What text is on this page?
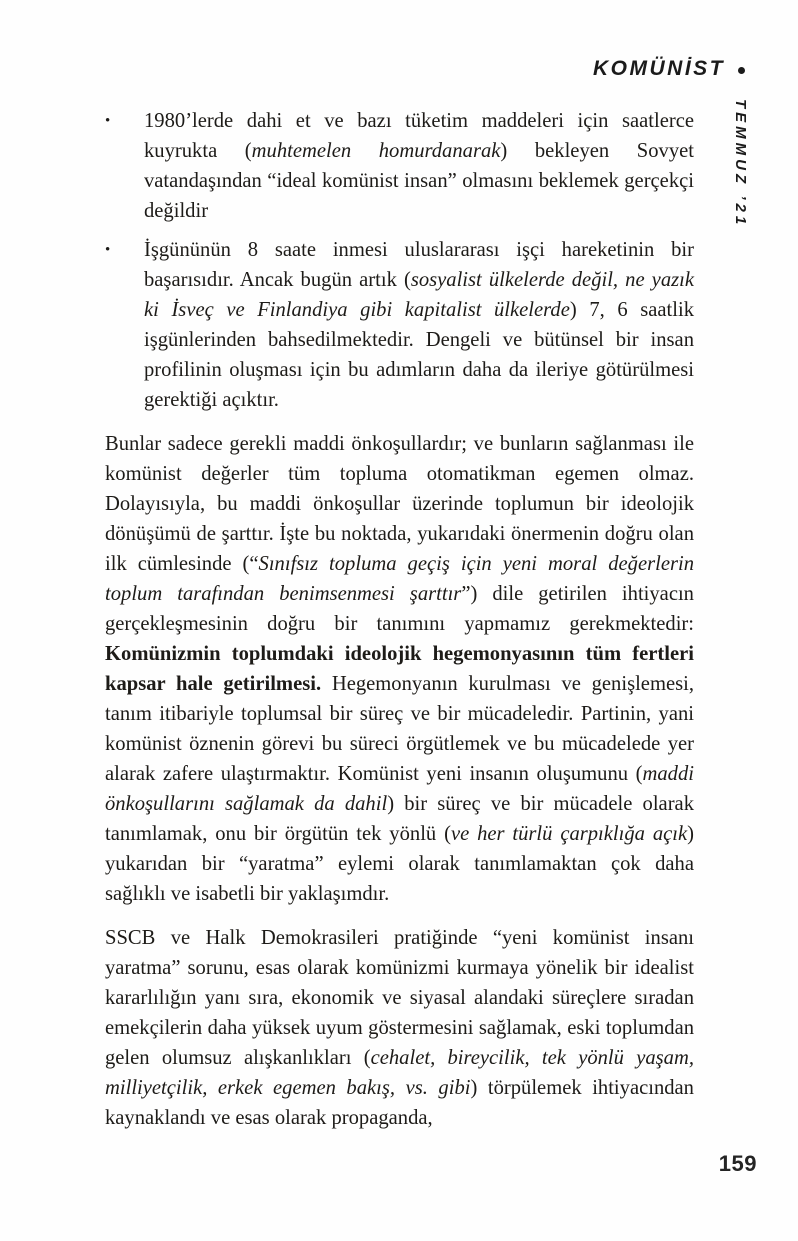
KOMÜNİST
TEMMUZ ’21
•	1980’lerde dahi et ve bazı tüketim maddeleri için saatlerce kuyrukta (muhtemelen homurdanarak) bekleyen Sovyet vatandaşından “ideal komünist insan” olmasını beklemek gerçekçi değildir
•	İşgününün 8 saate inmesi uluslararası işçi hareketinin bir başarısıdır. Ancak bugün artık (sosyalist ülkelerde değil, ne yazık ki İsveç ve Finlandiya gibi kapitalist ülkelerde) 7, 6 saatlik işgünlerinden bahsedilmektedir. Dengeli ve bütünsel bir insan profilinin oluşması için bu adımların daha da ileriye götürülmesi gerektiği açıktır.
Bunlar sadece gerekli maddi önkoşullardır; ve bunların sağlanması ile komünist değerler tüm topluma otomatikman egemen olmaz. Dolayısıyla, bu maddi önkoşullar üzerinde toplumun bir ideolojik dönüşümü de şarttır. İşte bu noktada, yukarıdaki önermenin doğru olan ilk cümlesinde (“Sınıfsız topluma geçiş için yeni moral değerlerin toplum tarafından benimsenmesi şarttır”) dile getirilen ihtiyacın gerçekleşmesinin doğru bir tanımını yapmamız gerekmektedir: Komünizmin toplumdaki ideolojik hegemonyasının tüm fertleri kapsar hale getirilmesi. Hegemonyanın kurulması ve genişlemesi, tanım itibariyle toplumsal bir süreç ve bir mücadeledir. Partinin, yani komünist öznenin görevi bu süreci örgütlemek ve bu mücadelede yer alarak zafere ulaştırmaktır. Komünist yeni insanın oluşumunu (maddi önkoşullarını sağlamak da dahil) bir süreç ve bir mücadele olarak tanımlamak, onu bir örgütün tek yönlü (ve her türlü çarpıklığa açık) yukarıdan bir “yaratma” eylemi olarak tanımlamaktan çok daha sağlıklı ve isabetli bir yaklaşımdır.
SSCB ve Halk Demokrasileri pratiğinde “yeni komünist insanı yaratma” sorunu, esas olarak komünizmi kurmaya yönelik bir idealist kararlılığın yanı sıra, ekonomik ve siyasal alandaki süreçlere sıradan emekçilerin daha yüksek uyum göstermesini sağlamak, eski toplumdan gelen olumsuz alışkanlıkları (cehalet, bireycilik, tek yönlü yaşam, milliyetçilik, erkek egemen bakış, vs. gibi) törpülemek ihtiyacından kaynaklandı ve esas olarak propaganda,
159
